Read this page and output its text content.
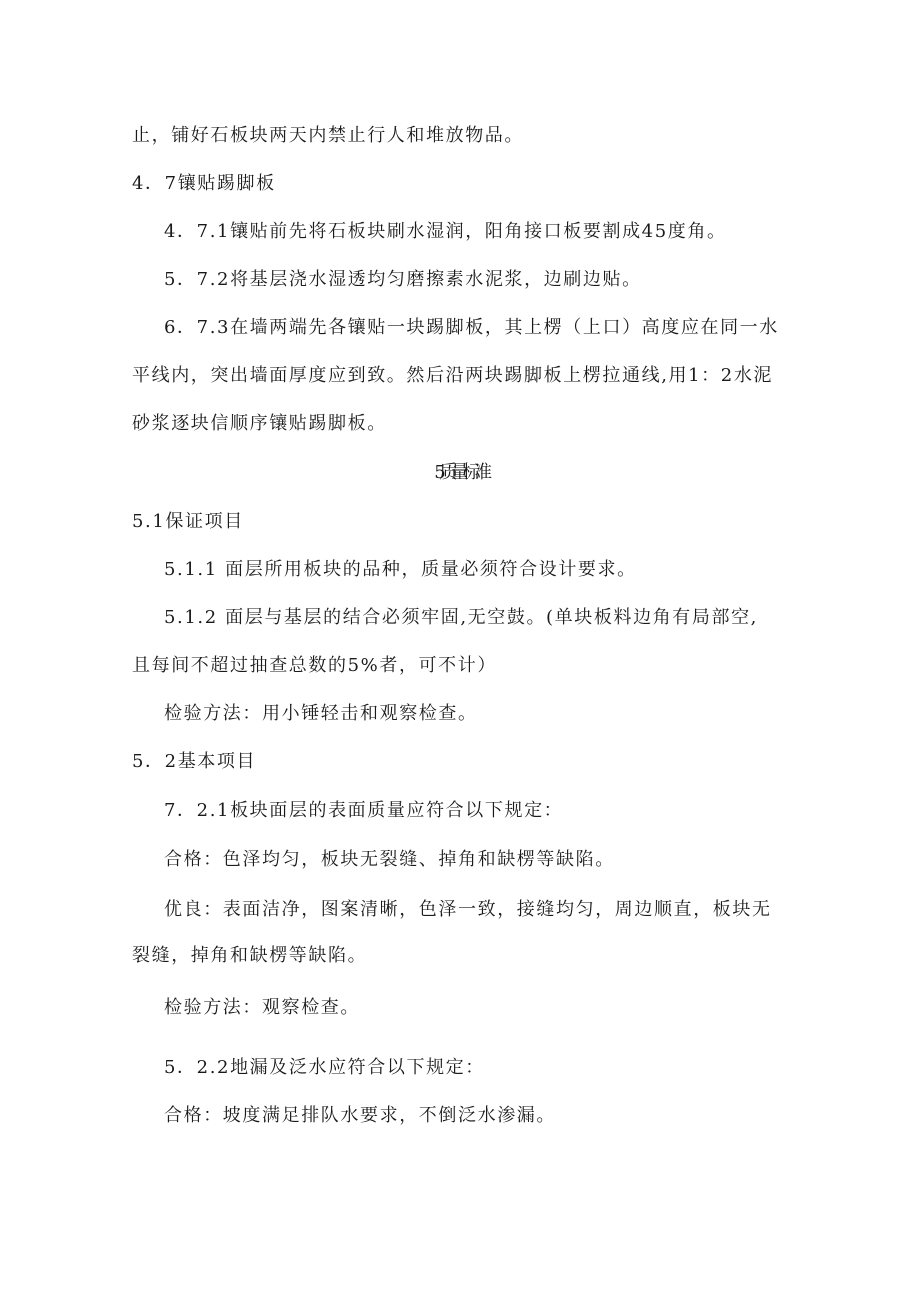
止，铺好石板块两天内禁止行人和堆放物品。
4．7镶贴踢脚板
4．7.1镶贴前先将石板块刷水湿润，阳角接口板要割成45度角。
5．7.2将基层浇水湿透均匀磨擦素水泥浆，边刷边贴。
6．7.3在墙两端先各镶贴一块踢脚板，其上楞（上口）高度应在同一水
平线内，突出墙面厚度应到致。然后沿两块踢脚板上楞拉通线,用1：2水泥
砂浆逐块信顺序镶贴踢脚板。
5质量标准
5.1保证项目
5.1.1 面层所用板块的品种，质量必须符合设计要求。
5.1.2 面层与基层的结合必须牢固,无空鼓。(单块板料边角有局部空,
且每间不超过抽查总数的5%者，可不计）
检验方法：用小锤轻击和观察检查。
5．2基本项目
7．2.1板块面层的表面质量应符合以下规定：
合格：色泽均匀，板块无裂缝、掉角和缺楞等缺陷。
优良：表面洁净，图案清晰，色泽一致，接缝均匀，周边顺直，板块无
裂缝，掉角和缺楞等缺陷。
检验方法：观察检查。
5．2.2地漏及泛水应符合以下规定：
合格：坡度满足排队水要求，不倒泛水渗漏。
